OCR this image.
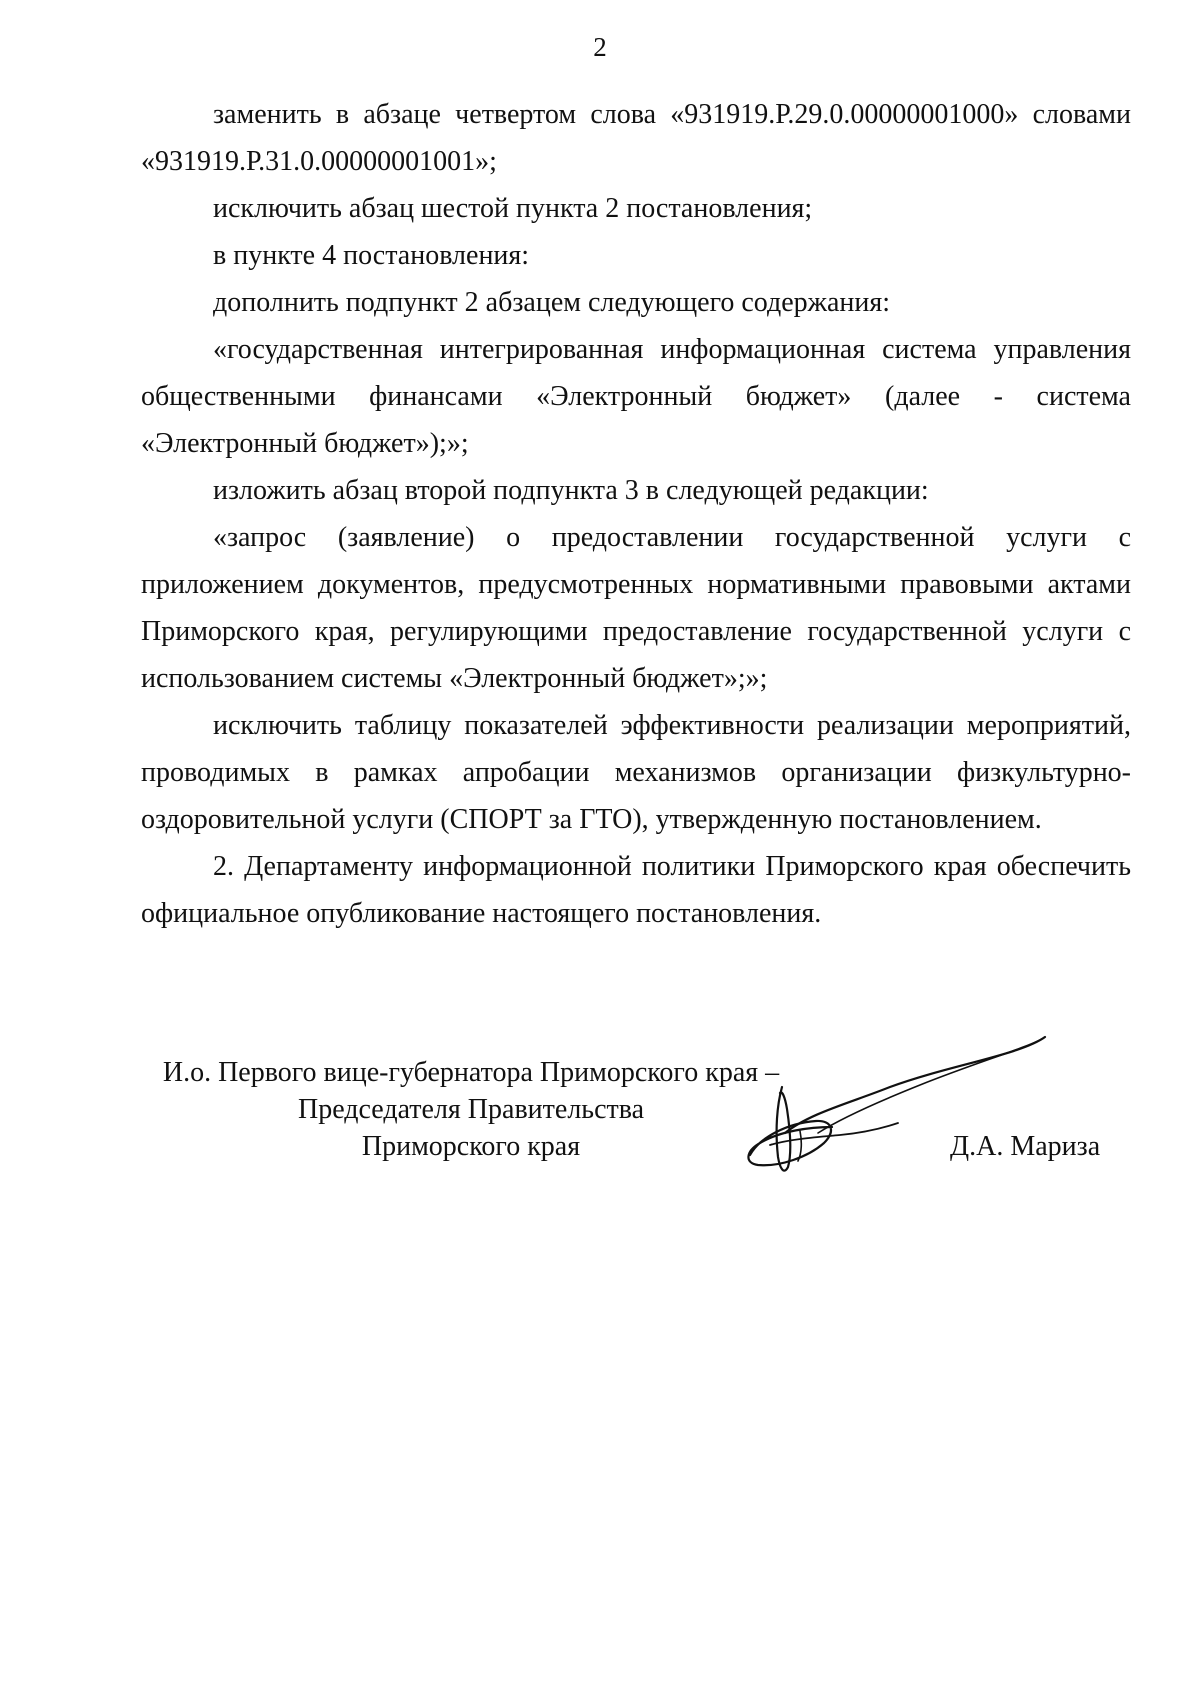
2

заменить в абзаце четвертом слова «931919.Р.29.0.00000001000» словами «931919.Р.31.0.00000001001»;

исключить абзац шестой пункта 2 постановления;

в пункте 4 постановления:

дополнить подпункт 2 абзацем следующего содержания:

«государственная интегрированная информационная система управления общественными финансами «Электронный бюджет» (далее - система «Электронный бюджет»);»;

изложить абзац второй подпункта 3 в следующей редакции:

«запрос (заявление) о предоставлении государственной услуги с приложением документов, предусмотренных нормативными правовыми актами Приморского края, регулирующими предоставление государственной услуги с использованием системы «Электронный бюджет»;»;

исключить таблицу показателей эффективности реализации мероприятий, проводимых в рамках апробации механизмов организации физкультурно-оздоровительной услуги (СПОРТ за ГТО), утвержденную постановлением.

2. Департаменту информационной политики Приморского края обеспечить официальное опубликование настоящего постановления.

И.о. Первого вице-губернатора Приморского края –
Председателя Правительства
Приморского края	Д.А. Мариза
